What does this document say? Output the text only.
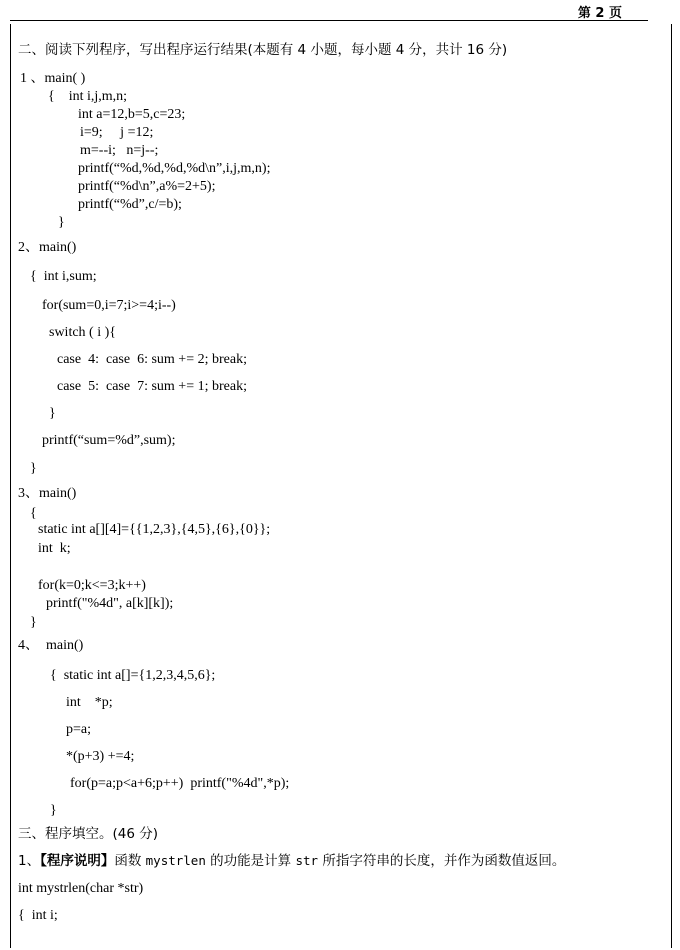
第 2 页
二、阅读下列程序，写出程序运行结果(本题有 4 小题，每小题 4 分，共计 16 分)
1 、main( )
{    int i,j,m,n;
int a=12,b=5,c=23;
i=9;     j =12;
m=--i;   n=j--;
printf(“%d,%d,%d,%d\n”,i,j,m,n);
printf(“%d\n”,a%=2+5);
printf(“%d”,c/=b);
}
2、main()
{  int i,sum;
for(sum=0,i=7;i>=4;i--)
switch ( i ){
case  4:  case  6: sum += 2; break;
case  5:  case  7: sum += 1; break;
}
printf(“sum=%d”,sum);
}
3、main()
{
static int a[][4]={{1,2,3},{4,5},{6},{0}};
int  k;
for(k=0;k<=3;k++)
printf("%4d", a[k][k]);
}
4、  main()
{  static int a[]={1,2,3,4,5,6};
int    *p;
p=a;
*(p+3) +=4;
for(p=a;p<a+6;p++)  printf("%4d",*p);
}
三、程序填空。(46 分)
1、【程序说明】函数 mystrlen 的功能是计算 str 所指字符串的长度，并作为函数值返回。
int mystrlen(char *str)
{  int i;
